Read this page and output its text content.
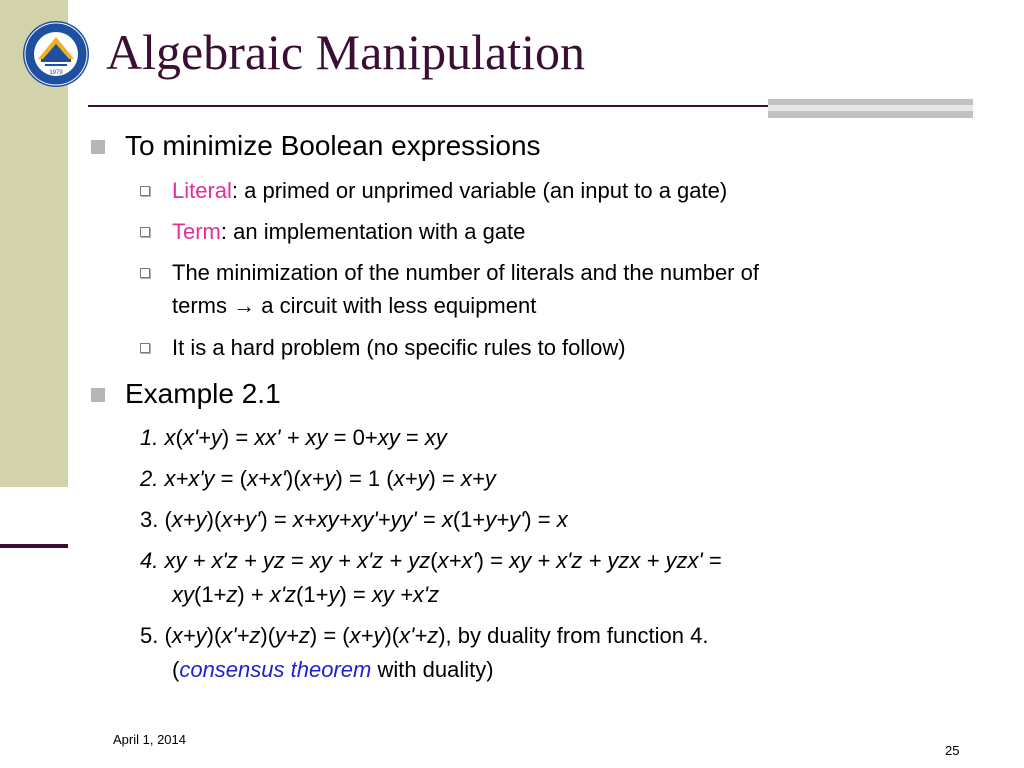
1979 Algebraic Manipulation
To minimize Boolean expressions
Literal: a primed or unprimed variable (an input to a gate)
Term: an implementation with a gate
The minimization of the number of literals and the number of
terms → a circuit with less equipment
It is a hard problem (no specific rules to follow)
Example 2.1
1. x(x'+y) = xx' + xy = 0+xy = xy
2. x+x'y = (x+x')(x+y) = 1 (x+y) = x+y
3. (x+y)(x+y') = x+xy+xy'+yy' = x(1+y+y') = x
4. xy + x'z + yz = xy + x'z + yz(x+x') = xy + x'z + yzx + yzx' =
xy(1+z) + x'z(1+y) = xy +x'z
5. (x+y)(x'+z)(y+z) = (x+y)(x'+z), by duality from function 4.
(consensus theorem with duality)
April 1, 2014
25
